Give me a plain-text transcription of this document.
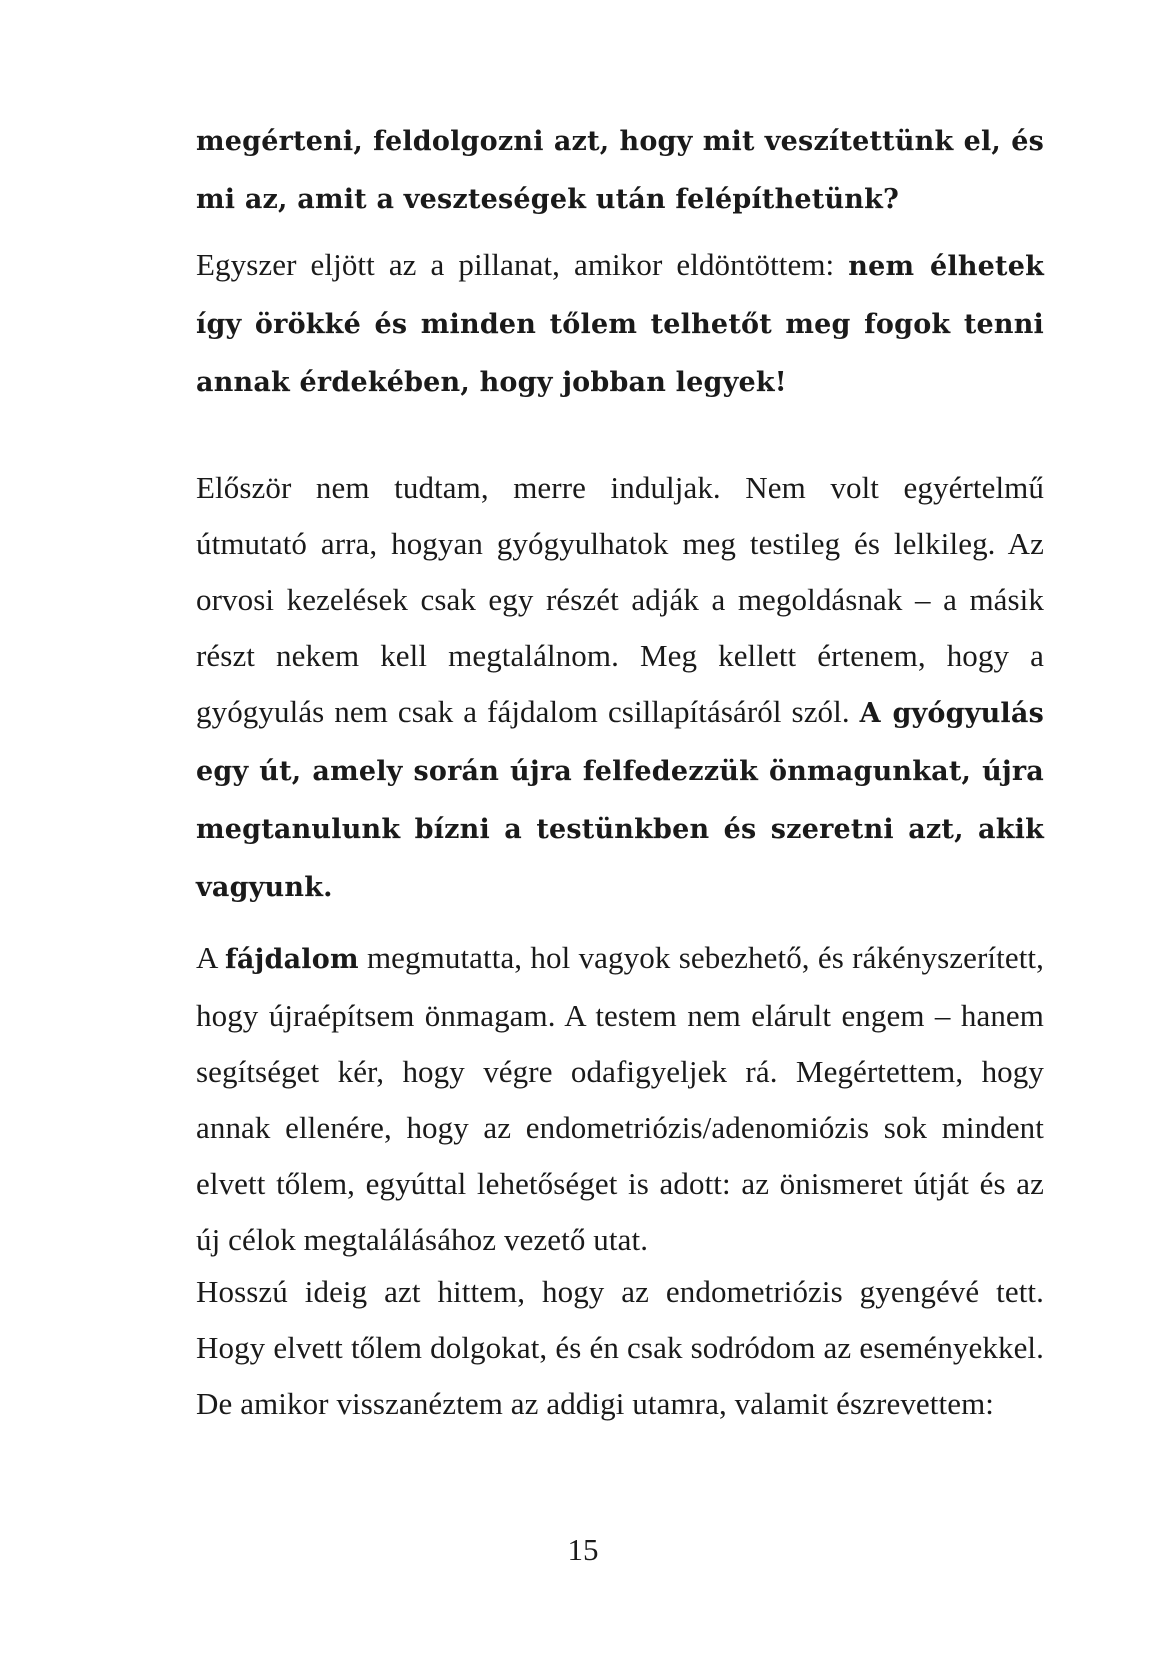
megérteni, feldolgozni azt, hogy mit veszítettünk el, és mi az, amit a veszteségek után felépíthetünk?

Egyszer eljött az a pillanat, amikor eldöntöttem: nem élhetek így örökké és minden tőlem telhetőt meg fogok tenni annak érdekében, hogy jobban legyek!

Először nem tudtam, merre induljak. Nem volt egyértelmű útmutató arra, hogyan gyógyulhatok meg testileg és lelkileg. Az orvosi kezelések csak egy részét adják a megoldásnak – a másik részt nekem kell megtalálnom. Meg kellett értenem, hogy a gyógyulás nem csak a fájdalom csillapításáról szól. A gyógyulás egy út, amely során újra felfedezzük önmagunkat, újra megtanulunk bízni a testünkben és szeretni azt, akik vagyunk.

A fájdalom megmutatta, hol vagyok sebezhető, és rákényszerített, hogy újraépítsem önmagam. A testem nem elárult engem – hanem segítséget kér, hogy végre odafigyeljek rá. Megértettem, hogy annak ellenére, hogy az endometriózis/adenomiózis sok mindent elvett tőlem, egyúttal lehetőséget is adott: az önismeret útját és az új célok megtalálásához vezető utat.

Hosszú ideig azt hittem, hogy az endometriózis gyengévé tett. Hogy elvett tőlem dolgokat, és én csak sodródom az eseményekkel. De amikor visszanéztem az addigi utamra, valamit észrevettem:

15
